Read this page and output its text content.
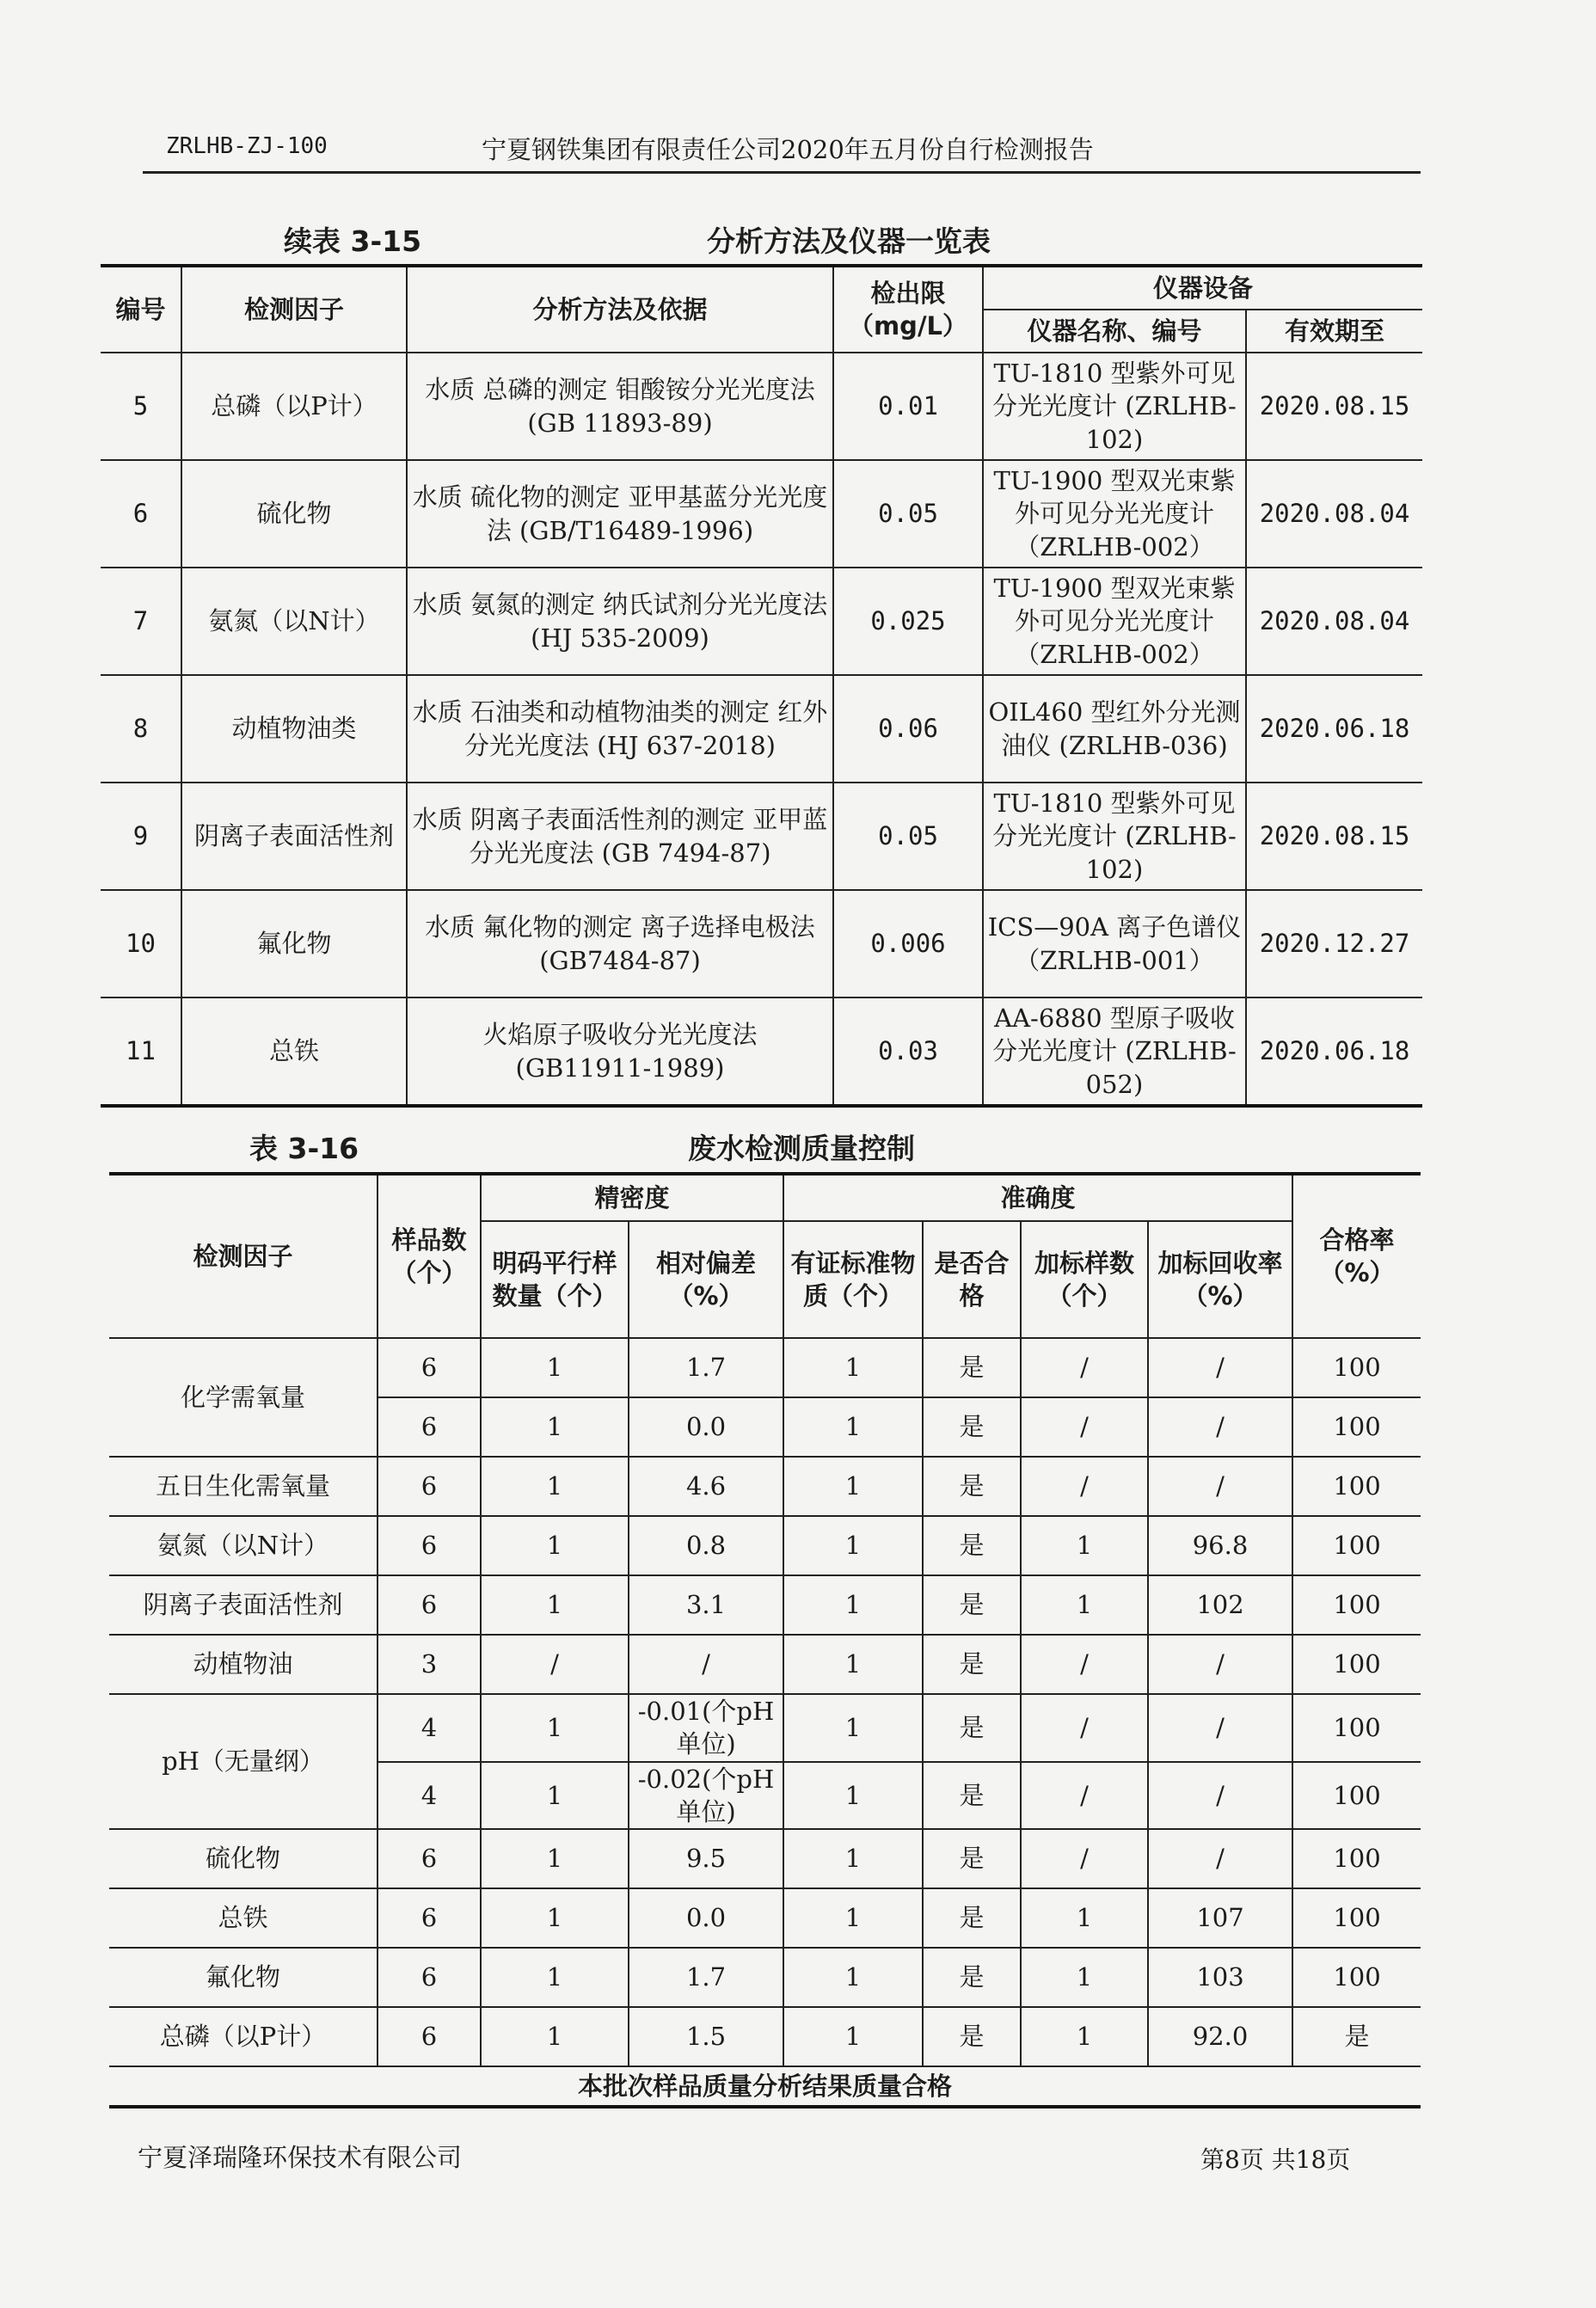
ZRLHB-ZJ-100	宁夏钢铁集团有限责任公司2020年五月份自行检测报告
续表 3-15	分析方法及仪器一览表
编号	检测因子	分析方法及依据	检出限（mg/L）	仪器设备	
				仪器名称、编号	有效期至
5	总磷（以P计）	水质 总磷的测定 钼酸铵分光光度法 (GB 11893-89)	0.01	TU-1810 型紫外可见分光光度计 (ZRLHB-102)	2020.08.15
6	硫化物	水质 硫化物的测定 亚甲基蓝分光光度法 (GB/T16489-1996)	0.05	TU-1900 型双光束紫外可见分光光度计（ZRLHB-002）	2020.08.04
7	氨氮（以N计）	水质 氨氮的测定 纳氏试剂分光光度法 (HJ 535-2009)	0.025	TU-1900 型双光束紫外可见分光光度计（ZRLHB-002）	2020.08.04
8	动植物油类	水质 石油类和动植物油类的测定 红外分光光度法 (HJ 637-2018)	0.06	OIL460 型红外分光测油仪 (ZRLHB-036)	2020.06.18
9	阴离子表面活性剂	水质 阴离子表面活性剂的测定 亚甲蓝分光光度法 (GB 7494-87)	0.05	TU-1810 型紫外可见分光光度计 (ZRLHB-102)	2020.08.15
10	氟化物	水质 氟化物的测定 离子选择电极法 (GB7484-87)	0.006	ICS—90A 离子色谱仪（ZRLHB-001）	2020.12.27
11	总铁	火焰原子吸收分光光度法 (GB11911-1989)	0.03	AA-6880 型原子吸收分光光度计 (ZRLHB-052)	2020.06.18
表 3-16	废水检测质量控制
检测因子	样品数（个）	精密度		准确度				合格率（%）
		明码平行样数量（个）	相对偏差（%）	有证标准物质（个）	是否合格	加标样数（个）	加标回收率（%）	
化学需氧量	6	1	1.7	1	是	/	/	100
	6	1	0.0	1	是	/	/	100
五日生化需氧量	6	1	4.6	1	是	/	/	100
氨氮（以N计）	6	1	0.8	1	是	1	96.8	100
阴离子表面活性剂	6	1	3.1	1	是	1	102	100
动植物油	3	/	/	1	是	/	/	100
pH（无量纲）	4	1	-0.01(个pH单位)	1	是	/	/	100
	4	1	-0.02(个pH单位)	1	是	/	/	100
硫化物	6	1	9.5	1	是	/	/	100
总铁	6	1	0.0	1	是	1	107	100
氟化物	6	1	1.7	1	是	1	103	100
总磷（以P计）	6	1	1.5	1	是	1	92.0	是
本批次样品质量分析结果质量合格								
宁夏泽瑞隆环保技术有限公司	第8页 共18页
